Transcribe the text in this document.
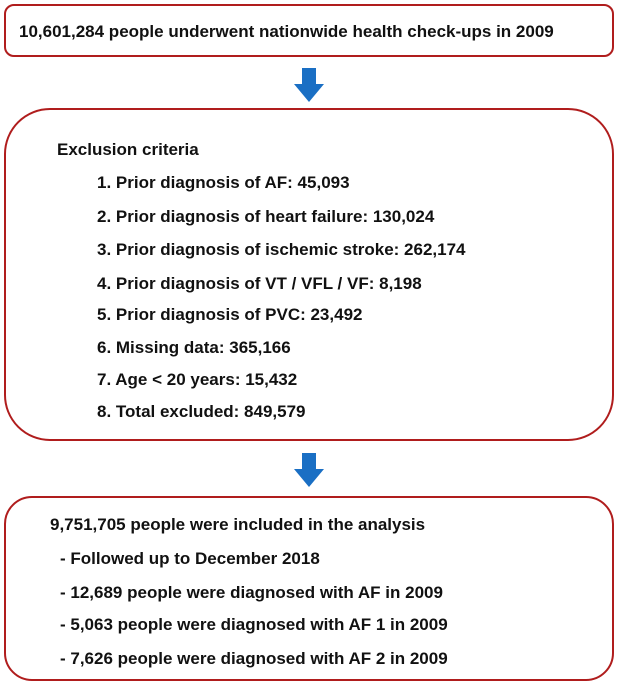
10,601,284 people underwent nationwide health check-ups in 2009
Exclusion criteria
1. Prior diagnosis of AF: 45,093
2. Prior diagnosis of heart failure: 130,024
3. Prior diagnosis of ischemic stroke: 262,174
4. Prior diagnosis of VT / VFL / VF: 8,198
5. Prior diagnosis of PVC: 23,492
6. Missing data: 365,166
7. Age < 20 years: 15,432
8. Total excluded: 849,579
9,751,705 people were included in the analysis
- Followed up to December 2018
- 12,689 people were diagnosed with AF in 2009
- 5,063 people were diagnosed with AF 1 in 2009
- 7,626 people were diagnosed with AF 2 in 2009
